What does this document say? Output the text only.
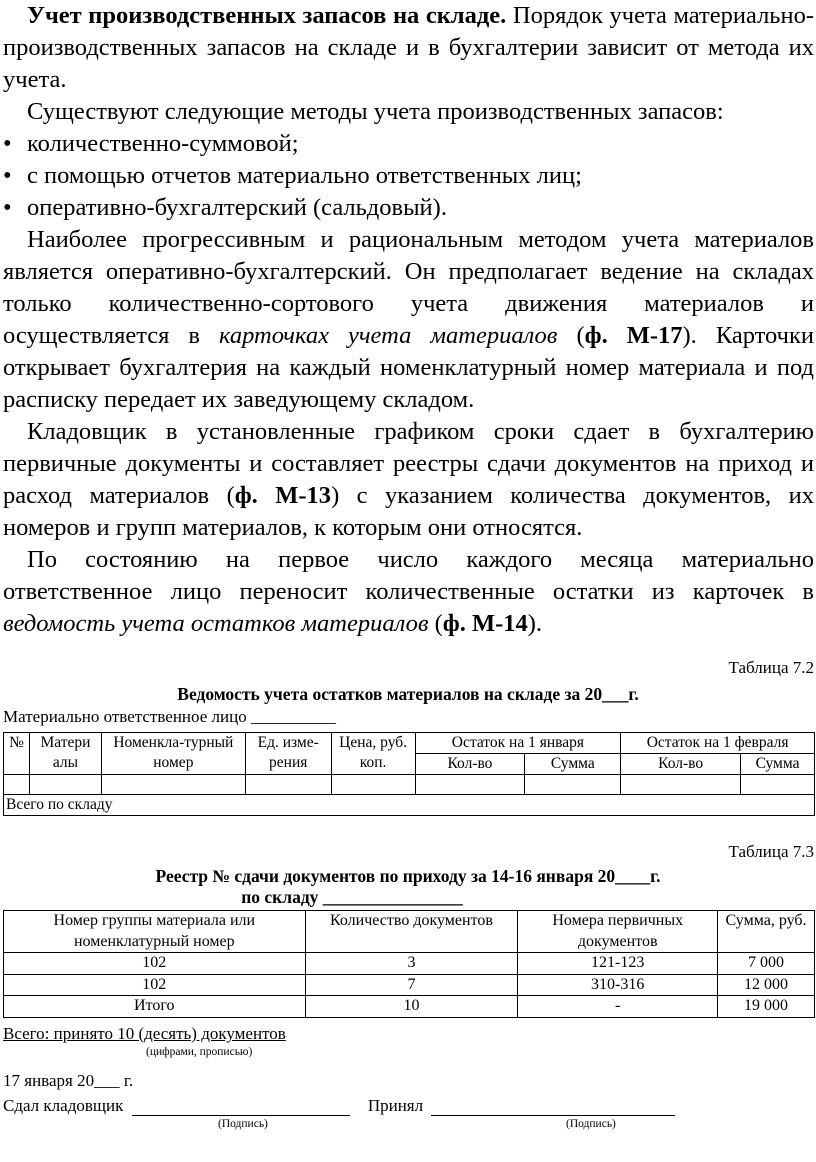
Учет производственных запасов на складе. Порядок учета материально-производственных запасов на складе и в бухгалтерии зависит от метода их учета.

Существуют следующие методы учета производственных запасов:

• количественно-суммовой;
• с помощью отчетов материально ответственных лиц;
• оперативно-бухгалтерский (сальдовый).

Наиболее прогрессивным и рациональным методом учета материалов является оперативно-бухгалтерский. Он предполагает ведение на складах только количественно-сортового учета движения материалов и осуществляется в карточках учета материалов (ф. М-17). Карточки открывает бухгалтерия на каждый номенклатурный номер материала и под расписку передает их заведующему складом.

Кладовщик в установленные графиком сроки сдает в бухгалтерию первичные документы и составляет реестры сдачи документов на приход и расход материалов (ф. М-13) с указанием количества документов, их номеров и групп материалов, к которым они относятся.

По состоянию на первое число каждого месяца материально ответственное лицо переносит количественные остатки из карточек в ведомость учета остатков материалов (ф. М-14).

Таблица 7.2
Ведомость учета остатков материалов на складе за 20___г.
Материально ответственное лицо __________
№	Матери алы	Номенкла-турный номер	Ед. изме-рения	Цена, руб. коп.	Остаток на 1 января		Остаток на 1 февраля	
					Кол-во	Сумма	Кол-во	Сумма

Всего по складу								
Таблица 7.3
Реестр № сдачи документов по приходу за 14-16 января 20____г.
по складу ________________
Номер группы материала или номенклатурный номер	Количество документов	Номера первичных документов	Сумма, руб.
102	3	121-123	7 000
102	7	310-316	12 000
Итого	10	-	19 000
Всего: принято 10 (десять) документов
(цифрами, прописью)
17 января 20___ г.
Сдал кладовщик	Принял
(Подпись)	(Подпись)
